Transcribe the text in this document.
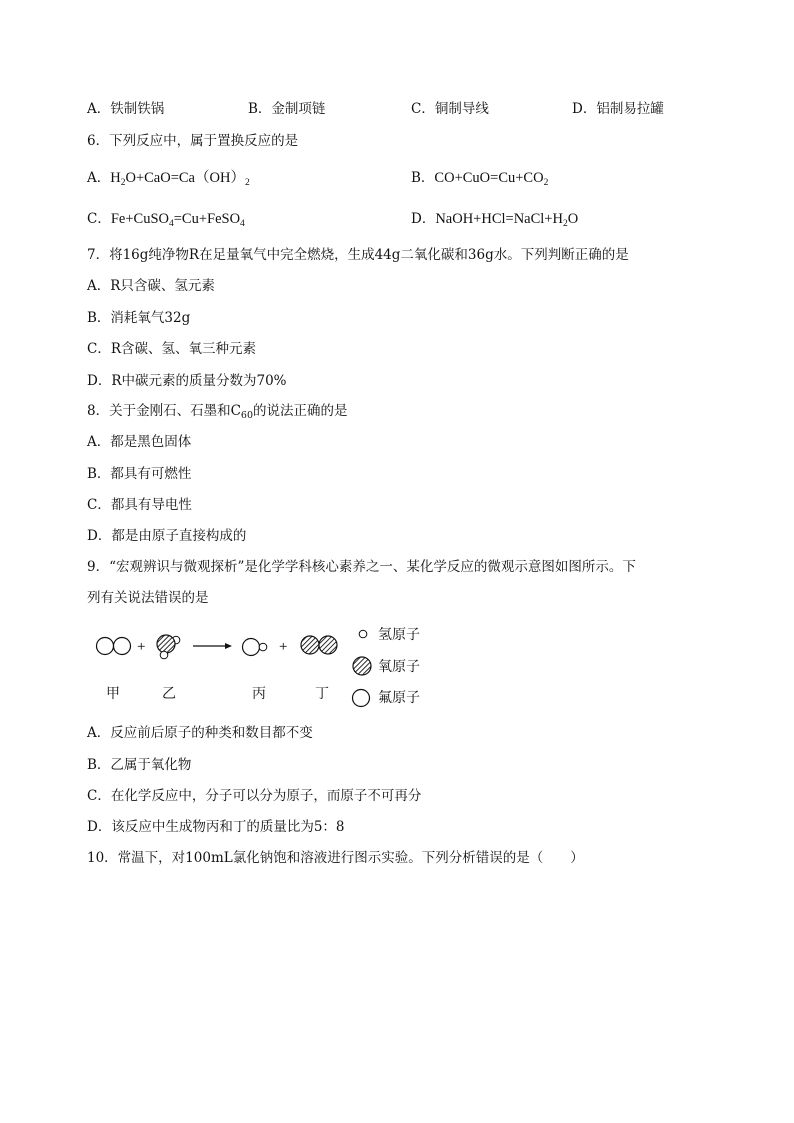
A．铁制铁锅	B．金制项链	C．铜制导线	D．铝制易拉罐
6．下列反应中，属于置换反应的是
A．$H_2O+CaO=Ca(OH)_2$	B．$CO+CuO=Cu+CO_2$
C．Fe+CuSO$_4$=Cu+FeSO$_4$	D．$NaOH+HCl=NaCl+H_2O$
7．将16g纯净物R在足量氧气中完全燃烧，生成44g二氧化碳和36g水。下列判断正确的是
A．R只含碳、氢元素
B．消耗氧气32g
C．R含碳、氢、氧三种元素
D．R中碳元素的质量分数为70%
8．关于金刚石、石墨和$C_{60}$的说法正确的是
A．都是黑色固体
B．都具有可燃性
C．都具有导电性
D．都是由原子直接构成的
9．“宏观辨识与微观探析”是化学学科核心素养之一、某化学反应的微观示意图如图所示。下
列有关说法错误的是
+	+
氢原子
氧原子
氟原子
甲	乙	丙	丁
A．反应前后原子的种类和数目都不变
B．乙属于氧化物
C．在化学反应中，分子可以分为原子，而原子不可再分
D．该反应中生成物丙和丁的质量比为5：8
10．常温下，对100mL氯化钠饱和溶液进行图示实验。下列分析错误的是（　　）
